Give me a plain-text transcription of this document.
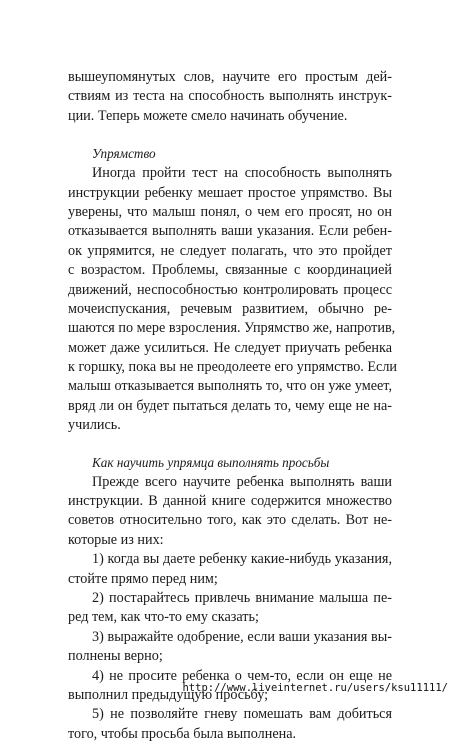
вышеупомянутых слов, научите его простым дей-
ствиям из теста на способность выполнять инструк-
ции. Теперь можете смело начинать обучение.
Упрямство
Иногда пройти тест на способность выполнять
инструкции ребенку мешает простое упрямство. Вы
уверены, что малыш понял, о чем его просят, но он
отказывается выполнять ваши указания. Если ребен-
ок упрямится, не следует полагать, что это пройдет
с возрастом. Проблемы, связанные с координацией
движений, неспособностью контролировать процесс
мочеиспускания, речевым развитием, обычно ре-
шаются по мере взросления. Упрямство же, напротив,
может даже усилиться. Не следует приучать ребенка
к горшку, пока вы не преодолеете его упрямство. Если
малыш отказывается выполнять то, что он уже умеет,
вряд ли он будет пытаться делать то, чему еще не на-
учились.
Как научить упрямца выполнять просьбы
Прежде всего научите ребенка выполнять ваши
инструкции. В данной книге содержится множество
советов относительно того, как это сделать. Вот не-
которые из них:
1) когда вы даете ребенку какие-нибудь указания,
стойте прямо перед ним;
2) постарайтесь привлечь внимание малыша пе-
ред тем, как что-то ему сказать;
3) выражайте одобрение, если ваши указания вы-
полнены верно;
4) не просите ребенка о чем-то, если он еще не
выполнил предыдущую просьбу;
5) не позволяйте гневу помешать вам добиться
того, чтобы просьба была выполнена.
http://www.liveinternet.ru/users/ksu11111/
